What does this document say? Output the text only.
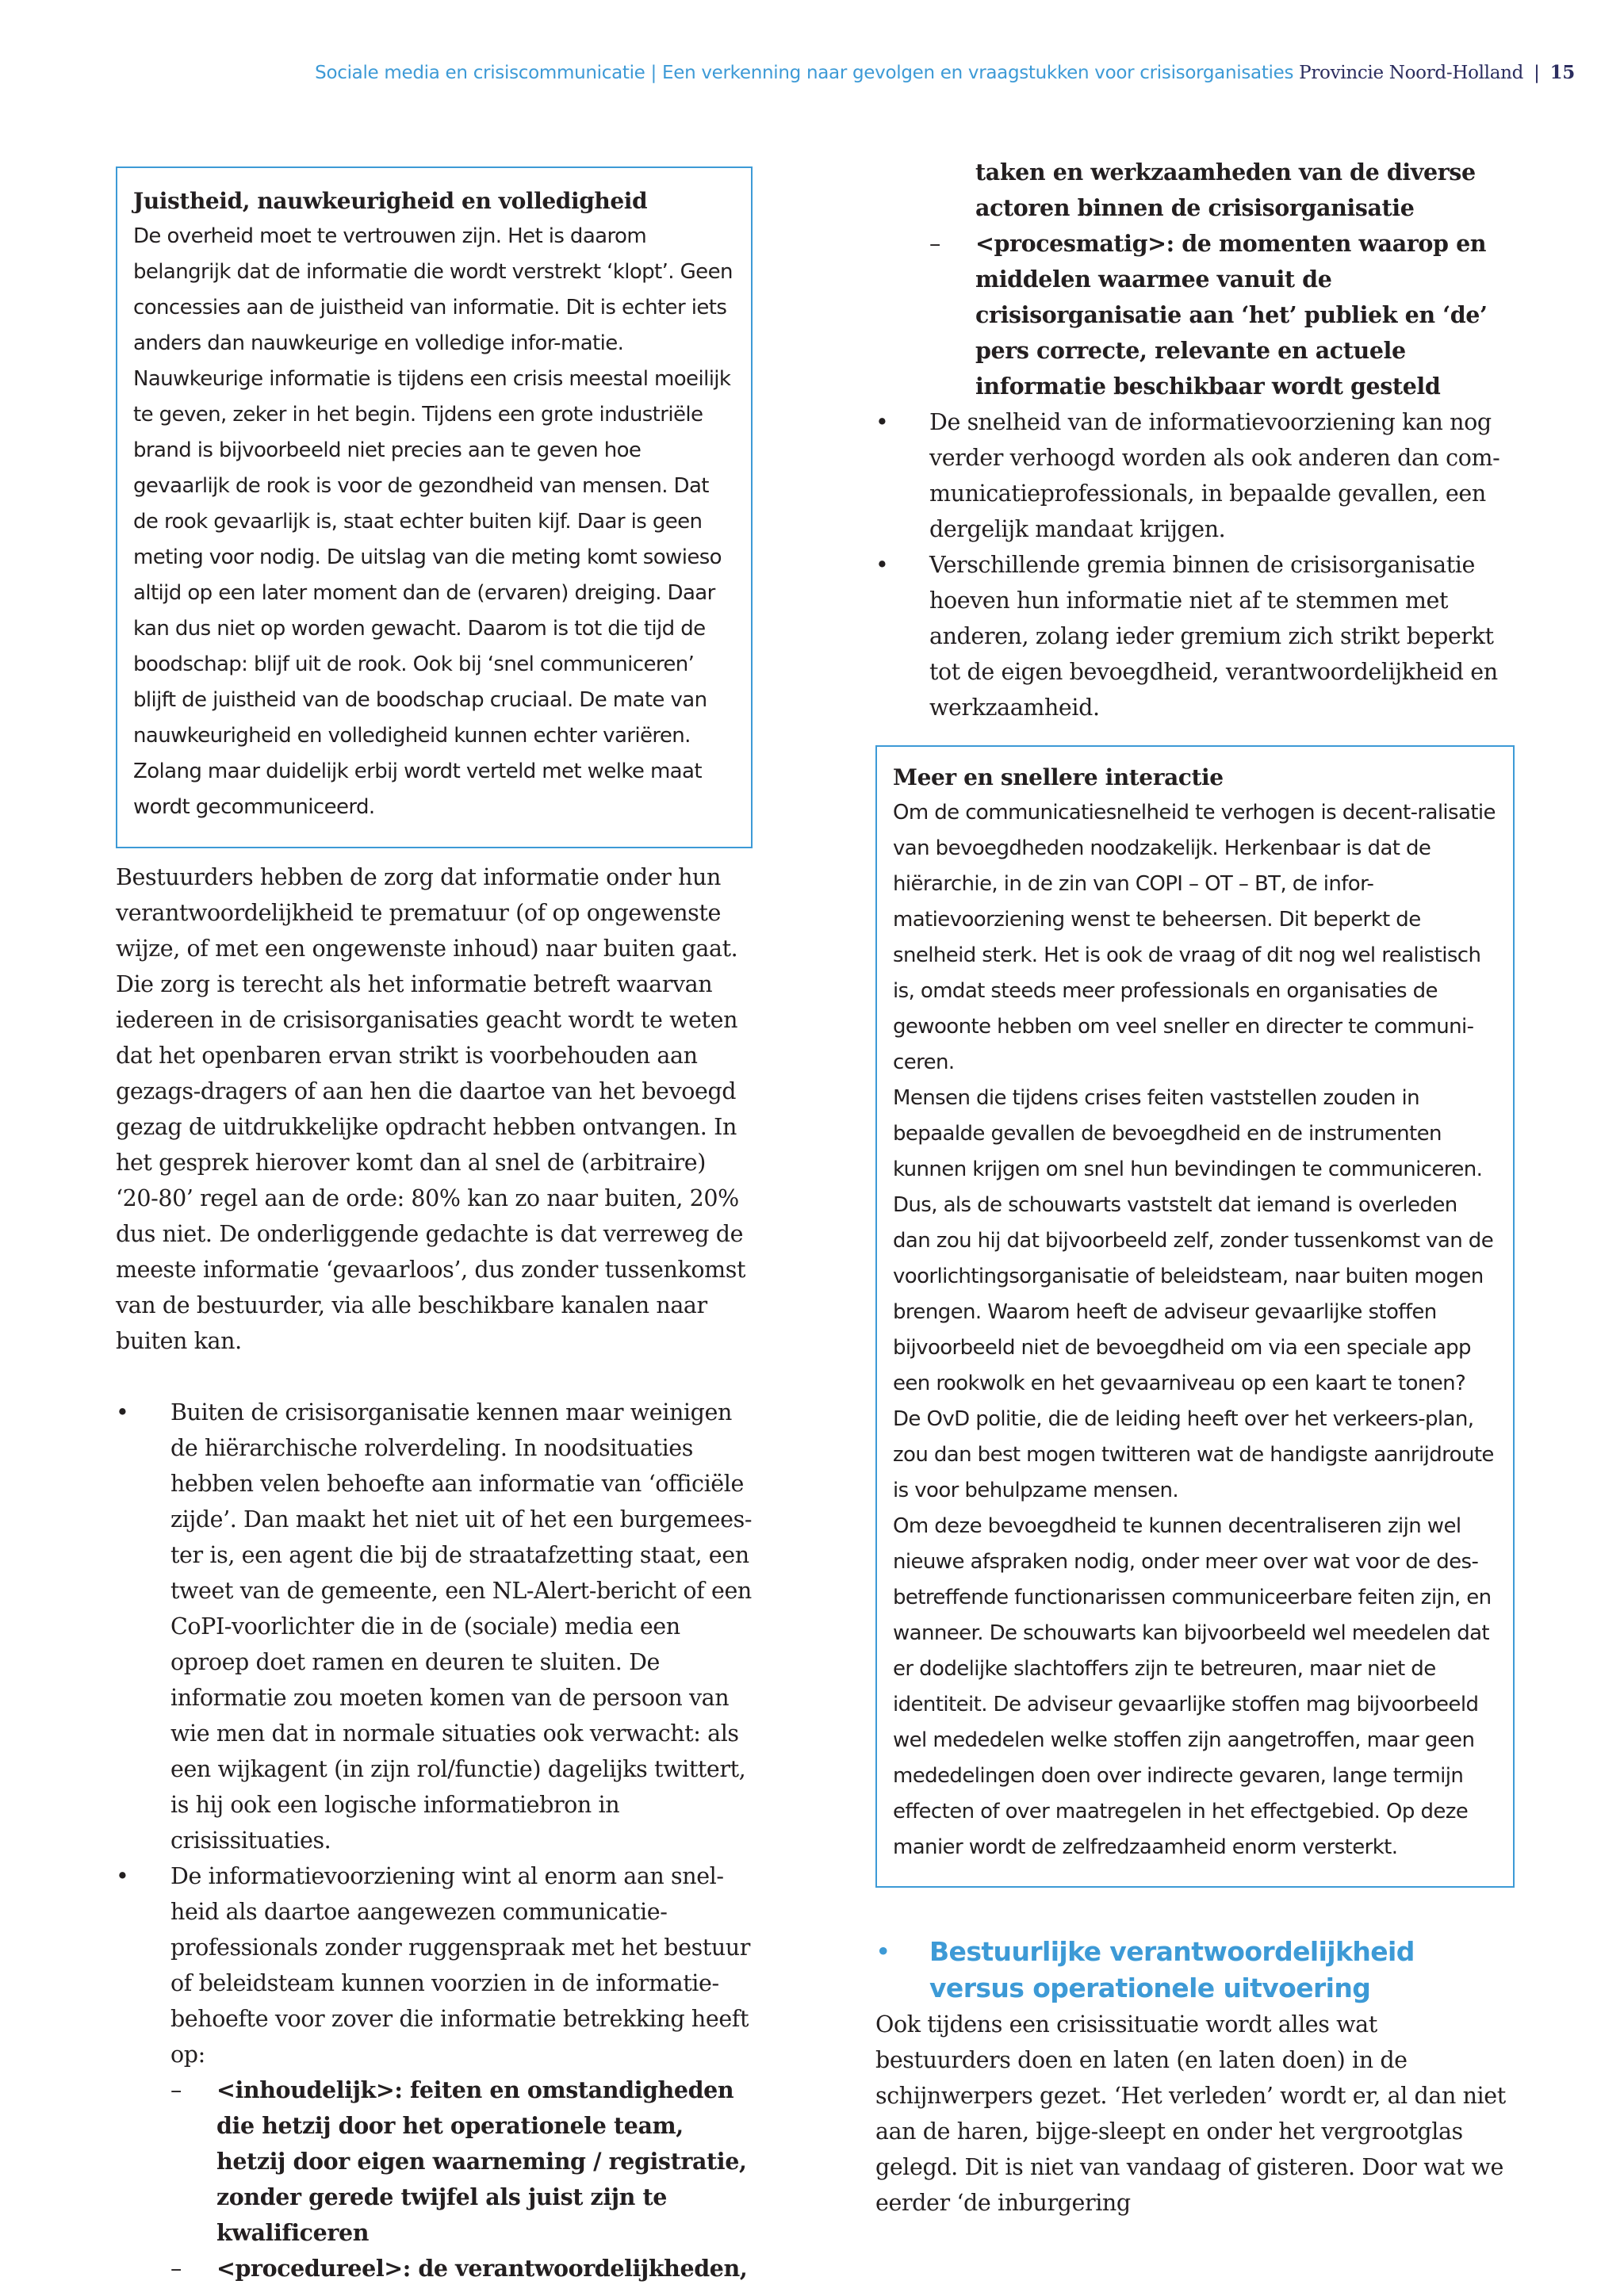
Sociale media en crisiscommunicatie | Een verkenning naar gevolgen en vraagstukken voor crisisorganisaties Provincie Noord-Holland | 15

Juistheid, nauwkeurigheid en volledigheid

De overheid moet te vertrouwen zijn. Het is daarom belangrijk dat de informatie die wordt verstrekt ‘klopt’. Geen concessies aan de juistheid van informatie. Dit is echter iets anders dan nauwkeurige en volledige infor-matie. Nauwkeurige informatie is tijdens een crisis meestal moeilijk te geven, zeker in het begin. Tijdens een grote industriële brand is bijvoorbeeld niet precies aan te geven hoe gevaarlijk de rook is voor de gezondheid van mensen. Dat de rook gevaarlijk is, staat echter buiten kijf. Daar is geen meting voor nodig. De uitslag van die meting komt sowieso altijd op een later moment dan de (ervaren) dreiging. Daar kan dus niet op worden gewacht. Daarom is tot die tijd de boodschap: blijf uit de rook. Ook bij ‘snel communiceren’ blijft de juistheid van de boodschap cruciaal. De mate van nauwkeurigheid en volledigheid kunnen echter variëren. Zolang maar duidelijk erbij wordt verteld met welke maat wordt gecommuniceerd.

Bestuurders hebben de zorg dat informatie onder hun verantwoordelijkheid te prematuur (of op ongewenste wijze, of met een ongewenste inhoud) naar buiten gaat. Die zorg is terecht als het informatie betreft waarvan iedereen in de crisisorganisaties geacht wordt te weten dat het openbaren ervan strikt is voorbehouden aan gezags-dragers of aan hen die daartoe van het bevoegd gezag de uitdrukkelijke opdracht hebben ontvangen. In het gesprek hierover komt dan al snel de (arbitraire) ‘20-80’ regel aan de orde: 80% kan zo naar buiten, 20% dus niet. De onderliggende gedachte is dat verreweg de meeste informatie ‘gevaarloos’, dus zonder tussenkomst van de bestuurder, via alle beschikbare kanalen naar buiten kan.

• Buiten de crisisorganisatie kennen maar weinigen de hiërarchische rolverdeling. In noodsituaties hebben velen behoefte aan informatie van ‘officiële zijde’. Dan maakt het niet uit of het een burgemees-ter is, een agent die bij de straatafzetting staat, een tweet van de gemeente, een NL-Alert-bericht of een CoPI-voorlichter die in de (sociale) media een oproep doet ramen en deuren te sluiten. De informatie zou moeten komen van de persoon van wie men dat in normale situaties ook verwacht: als een wijkagent (in zijn rol/functie) dagelijks twittert, is hij ook een logische informatiebron in crisissituaties.
• De informatievoorziening wint al enorm aan snel-heid als daartoe aangewezen communicatie-professionals zonder ruggenspraak met het bestuur of beleidsteam kunnen voorzien in de informatie-behoefte voor zover die informatie betrekking heeft op:
– <inhoudelijk>: feiten en omstandigheden die hetzij door het operationele team, hetzij door eigen waarneming / registratie, zonder gerede twijfel als juist zijn te kwalificeren
– <procedureel>: de verantwoordelijkheden,

taken en werkzaamheden van de diverse actoren binnen de crisisorganisatie

– <procesmatig>: de momenten waarop en middelen waarmee vanuit de crisisorganisatie aan ‘het’ publiek en ‘de’ pers correcte, relevante en actuele informatie beschikbaar wordt gesteld
• De snelheid van de informatievoorziening kan nog verder verhoogd worden als ook anderen dan com-municatieprofessionals, in bepaalde gevallen, een dergelijk mandaat krijgen.
• Verschillende gremia binnen de crisisorganisatie hoeven hun informatie niet af te stemmen met anderen, zolang ieder gremium zich strikt beperkt tot de eigen bevoegdheid, verantwoordelijkheid en werkzaamheid.

Meer en snellere interactie

Om de communicatiesnelheid te verhogen is decent-ralisatie van bevoegdheden noodzakelijk. Herkenbaar is dat de hiërarchie, in de zin van COPI – OT – BT, de infor-matievoorziening wenst te beheersen. Dit beperkt de snelheid sterk. Het is ook de vraag of dit nog wel realistisch is, omdat steeds meer professionals en organisaties de gewoonte hebben om veel sneller en directer te communi-ceren.

Mensen die tijdens crises feiten vaststellen zouden in bepaalde gevallen de bevoegdheid en de instrumenten kunnen krijgen om snel hun bevindingen te communiceren. Dus, als de schouwarts vaststelt dat iemand is overleden dan zou hij dat bijvoorbeeld zelf, zonder tussenkomst van de voorlichtingsorganisatie of beleidsteam, naar buiten mogen brengen. Waarom heeft de adviseur gevaarlijke stoffen bijvoorbeeld niet de bevoegdheid om via een speciale app een rookwolk en het gevaarniveau op een kaart te tonen? De OvD politie, die de leiding heeft over het verkeers-plan, zou dan best mogen twitteren wat de handigste aanrijdroute is voor behulpzame mensen.

Om deze bevoegdheid te kunnen decentraliseren zijn wel nieuwe afspraken nodig, onder meer over wat voor de des-betreffende functionarissen communiceerbare feiten zijn, en wanneer. De schouwarts kan bijvoorbeeld wel meedelen dat er dodelijke slachtoffers zijn te betreuren, maar niet de identiteit. De adviseur gevaarlijke stoffen mag bijvoorbeeld wel mededelen welke stoffen zijn aangetroffen, maar geen mededelingen doen over indirecte gevaren, lange termijn effecten of over maatregelen in het effectgebied. Op deze manier wordt de zelfredzaamheid enorm versterkt.

• Bestuurlijke verantwoordelijkheid versus operationele uitvoering

Ook tijdens een crisissituatie wordt alles wat bestuurders doen en laten (en laten doen) in de schijnwerpers gezet. ‘Het verleden’ wordt er, al dan niet aan de haren, bijge-sleept en onder het vergrootglas gelegd. Dit is niet van vandaag of gisteren. Door wat we eerder ‘de inburgering
